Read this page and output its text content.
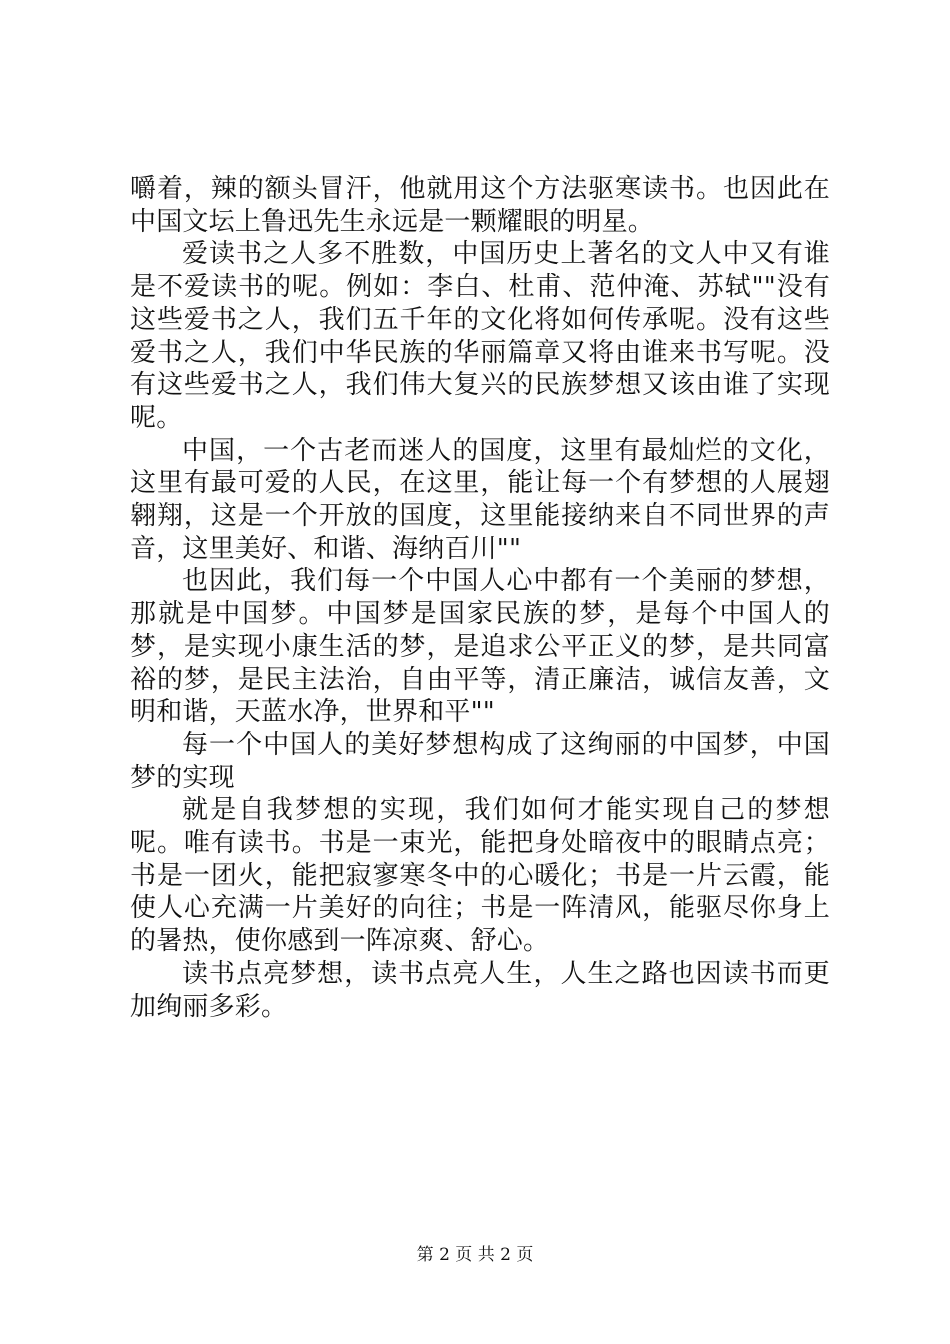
嚼着，辣的额头冒汗，他就用这个方法驱寒读书。也因此在中国文坛上鲁迅先生永远是一颗耀眼的明星。

爱读书之人多不胜数，中国历史上著名的文人中又有谁是不爱读书的呢。例如：李白、杜甫、范仲淹、苏轼""没有这些爱书之人，我们五千年的文化将如何传承呢。没有这些爱书之人，我们中华民族的华丽篇章又将由谁来书写呢。没有这些爱书之人，我们伟大复兴的民族梦想又该由谁了实现呢。

中国，一个古老而迷人的国度，这里有最灿烂的文化，这里有最可爱的人民，在这里，能让每一个有梦想的人展翅翱翔，这是一个开放的国度，这里能接纳来自不同世界的声音，这里美好、和谐、海纳百川""

也因此，我们每一个中国人心中都有一个美丽的梦想，那就是中国梦。中国梦是国家民族的梦，是每个中国人的梦，是实现小康生活的梦，是追求公平正义的梦，是共同富裕的梦，是民主法治，自由平等，清正廉洁，诚信友善，文明和谐，天蓝水净，世界和平""

每一个中国人的美好梦想构成了这绚丽的中国梦，中国梦的实现

就是自我梦想的实现，我们如何才能实现自己的梦想呢。唯有读书。书是一束光，能把身处暗夜中的眼睛点亮；书是一团火，能把寂寥寒冬中的心暖化；书是一片云霞，能使人心充满一片美好的向往；书是一阵清风，能驱尽你身上的暑热，使你感到一阵凉爽、舒心。

读书点亮梦想，读书点亮人生，人生之路也因读书而更加绚丽多彩。

第 2 页 共 2 页
